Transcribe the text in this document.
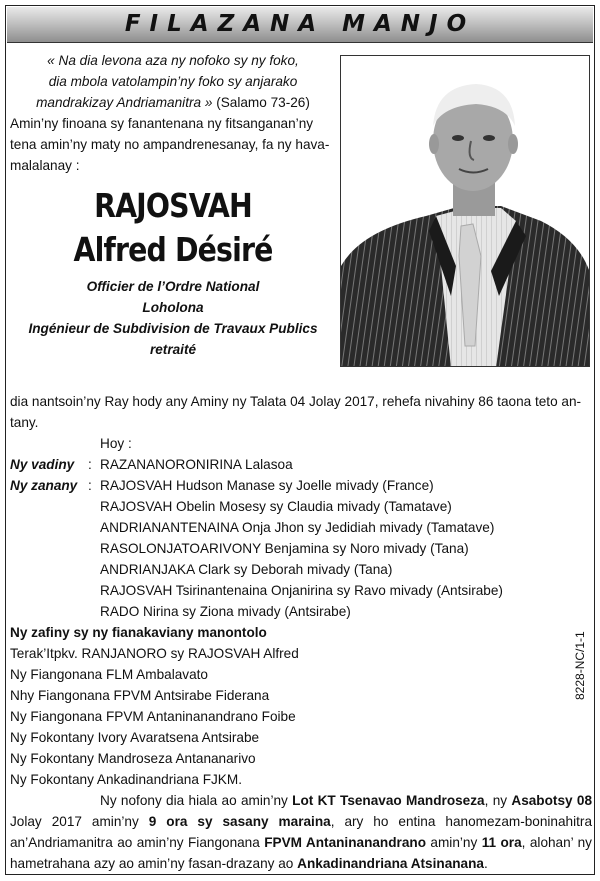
FILAZANA MANJO
« Na dia levona aza ny nofoko sy ny foko,
dia mbola vatolampin’ny foko sy anjarako
mandrakizay Andriamanitra » (Salamo 73-26)
Amin’ny finoana sy fanantenana ny fitsanganan’ny tena amin’ny maty no ampandrenesanay, fa ny hava-malalanay :
RAJOSVAH
Alfred Désiré
Officier de l’Ordre National
Loholona
Ingénieur de Subdivision de Travaux Publics
retraité

dia nantsoin’ny Ray hody any Aminy ny Talata 04 Jolay 2017, rehefa nivahiny 86 taona teto an-tany.

Hoy :

Ny vadiny	: RAZANANORONIRINA Lalasoa
Ny zanany : RAJOSVAH Hudson Manase sy Joelle mivady (France)
RAJOSVAH Obelin Mosesy sy Claudia mivady (Tamatave)
ANDRIANANTENAINA Onja Jhon sy Jedidiah mivady (Tamatave)
RASOLONJATOARIVONY Benjamina sy Noro mivady (Tana)
ANDRIANJAKA Clark sy Deborah mivady (Tana)
RAJOSVAH Tsirinantenaina Onjanirina sy Ravo mivady (Antsirabe)
RADO Nirina sy Ziona mivady (Antsirabe)

Ny zafiny sy ny fianakaviany manontolo

Terak’Itpkv. RANJANORO sy RAJOSVAH Alfred
Ny Fiangonana FLM Ambalavato
Nhy Fiangonana FPVM Antsirabe Fiderana
Ny Fiangonana FPVM Antaninanandrano Foibe
Ny Fokontany Ivory Avaratsena Antsirabe
Ny Fokontany Mandroseza Antananarivo
Ny Fokontany Ankadinandriana FJKM.

Ny nofony dia hiala ao amin’ny Lot KT Tsenavao Mandroseza, ny Asabotsy 08 Jolay 2017 amin’ny 9 ora sy sasany maraina, ary ho entina hanomezam-boninahitra an’Andriamanitra ao amin’ny Fiangonana FPVM Antaninanandrano amin’ny 11 ora, alohan’ ny hametrahana azy ao amin’ny fasan-drazany ao Ankadinandriana Atsinanana.

8228-NC/1-1
